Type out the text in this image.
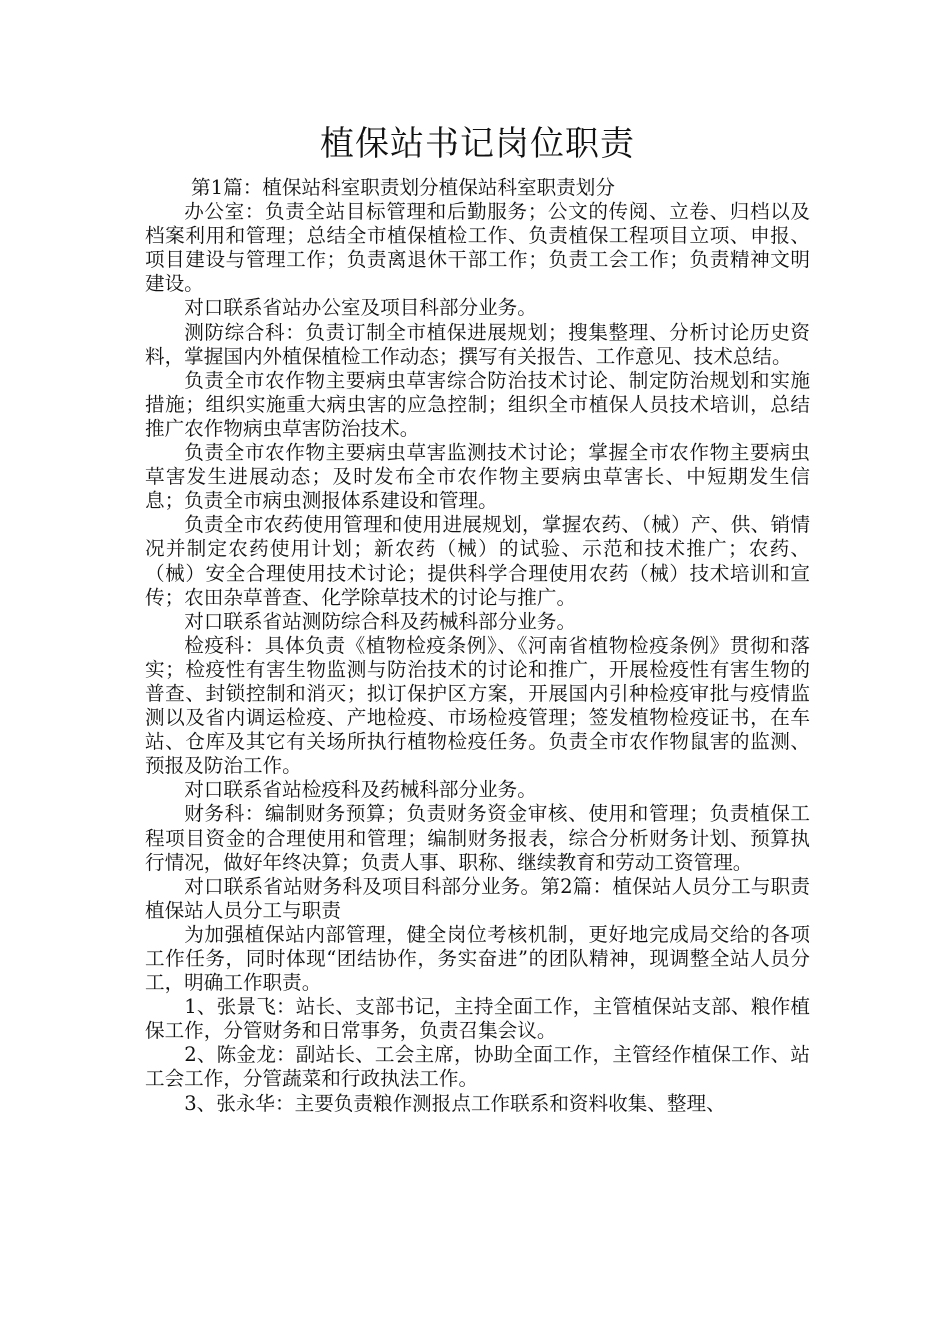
植保站书记岗位职责

第1篇：植保站科室职责划分植保站科室职责划分

办公室：负责全站目标管理和后勤服务；公文的传阅、立卷、归档以及档案利用和管理；总结全市植保植检工作、负责植保工程项目立项、申报、项目建设与管理工作；负责离退休干部工作；负责工会工作；负责精神文明建设。

对口联系省站办公室及项目科部分业务。

测防综合科：负责订制全市植保进展规划；搜集整理、分析讨论历史资料，掌握国内外植保植检工作动态；撰写有关报告、工作意见、技术总结。

负责全市农作物主要病虫草害综合防治技术讨论、制定防治规划和实施措施；组织实施重大病虫害的应急控制；组织全市植保人员技术培训，总结推广农作物病虫草害防治技术。

负责全市农作物主要病虫草害监测技术讨论；掌握全市农作物主要病虫草害发生进展动态；及时发布全市农作物主要病虫草害长、中短期发生信息；负责全市病虫测报体系建设和管理。

负责全市农药使用管理和使用进展规划，掌握农药、（械）产、供、销情况并制定农药使用计划；新农药（械）的试验、示范和技术推广；农药、（械）安全合理使用技术讨论；提供科学合理使用农药（械）技术培训和宣传；农田杂草普查、化学除草技术的讨论与推广。

对口联系省站测防综合科及药械科部分业务。

检疫科：具体负责《植物检疫条例》、《河南省植物检疫条例》贯彻和落实；检疫性有害生物监测与防治技术的讨论和推广，开展检疫性有害生物的普查、封锁控制和消灭；拟订保护区方案，开展国内引种检疫审批与疫情监测以及省内调运检疫、产地检疫、市场检疫管理；签发植物检疫证书，在车站、仓库及其它有关场所执行植物检疫任务。负责全市农作物鼠害的监测、预报及防治工作。

对口联系省站检疫科及药械科部分业务。

财务科：编制财务预算；负责财务资金审核、使用和管理；负责植保工程项目资金的合理使用和管理；编制财务报表，综合分析财务计划、预算执行情况，做好年终决算；负责人事、职称、继续教育和劳动工资管理。

对口联系省站财务科及项目科部分业务。第2篇：植保站人员分工与职责植保站人员分工与职责

为加强植保站内部管理，健全岗位考核机制，更好地完成局交给的各项工作任务，同时体现“团结协作，务实奋进”的团队精神，现调整全站人员分工，明确工作职责。

1、张景飞：站长、支部书记，主持全面工作，主管植保站支部、粮作植保工作，分管财务和日常事务，负责召集会议。

2、陈金龙：副站长、工会主席，协助全面工作，主管经作植保工作、站工会工作，分管蔬菜和行政执法工作。

3、张永华：主要负责粮作测报点工作联系和资料收集、整理、
